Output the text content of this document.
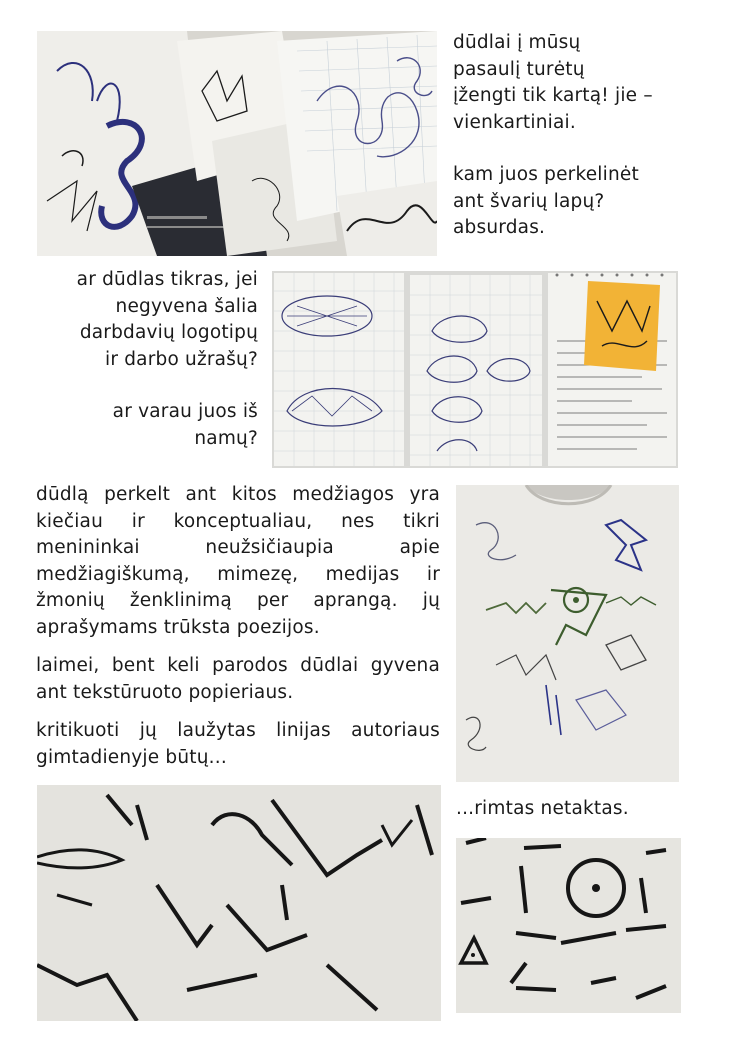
dūdlai į mūsų

pasaulį turėtų

įžengti tik kartą! jie –

vienkartiniai.

kam juos perkelinėt

ant švarių lapų?

absurdas.

ar dūdlas tikras, jei

negyvena šalia

darbdavių logotipų

ir darbo užrašų?

ar varau juos iš

namų?

dūdlą perkelt ant kitos medžiagos yra kiečiau ir konceptualiau, nes tikri menininkai neužsičiaupia apie medžiagiškumą, mimezę, medijas ir žmonių ženklinimą per aprangą. jų aprašymams trūksta poezijos.

laimei, bent keli parodos dūdlai gyvena ant tekstūruoto popieriaus.

kritikuoti jų laužytas linijas autoriaus gimtadienyje būtų...

...rimtas netaktas.
